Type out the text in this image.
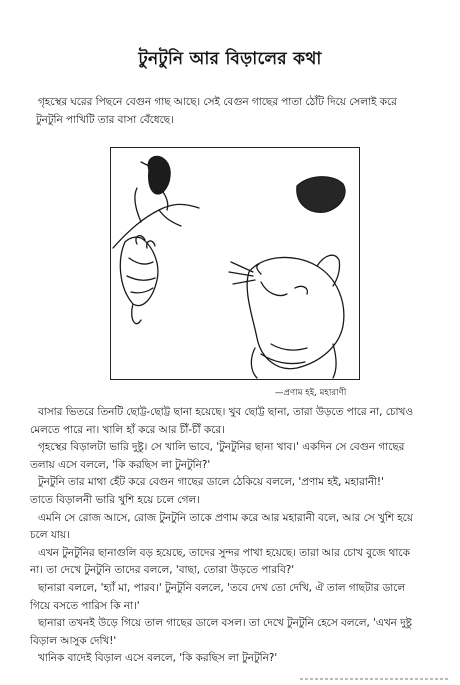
টুনটুনি আর বিড়ালের কথা
গৃহস্থের ঘরের পিছনে বেগুন গাছ আছে। সেই বেগুন গাছের পাতা ঠোঁট দিয়ে সেলাই করে
টুনটুনি পাখিটি তার বাসা বেঁধেছে।
—প্রণাম হই, মহারাণী
বাসার ভিতরে তিনটি ছোট্ট-ছোট্ট ছানা হয়েছে। খুব ছোট্ট ছানা, তারা উড়তে পারে না, চোখও
মেলতে পারে না। খালি হাঁ করে আর চীঁ-চীঁ করে।
গৃহস্থের বিড়ালটা ভারি দুষ্টু। সে খালি ভাবে, 'টুনটুনির ছানা খাব।' একদিন সে বেগুন গাছের
তলায় এসে বললে, 'কি করছিস লা টুনটুনি?'
টুনটুনি তার মাথা হেঁট করে বেগুন গাছের ডালে ঠেকিয়ে বললে, 'প্রণাম হই, মহারানী!'
তাতে বিড়ালনী ভারি খুশি হয়ে চলে গেল।
এমনি সে রোজ আসে, রোজ টুনটুনি তাকে প্রণাম করে আর মহারানী বলে, আর সে খুশি হয়ে
চলে যায়।
এখন টুনটুনির ছানাগুলি বড় হয়েছে, তাদের সুন্দর পাখা হয়েছে। তারা আর চোখ বুজে থাকে
না। তা দেখে টুনটুনি তাদের বললে, 'বাছা, তোরা উড়তে পারবি?'
ছানারা বললে, 'হ্যাঁ মা, পারব।' টুনটুনি বললে, 'তবে দেখ তো দেখি, ঐ তাল গাছটার ডালে
গিয়ে বসতে পারিস কি না।'
ছানারা তখনই উড়ে গিয়ে তাল গাছের ডালে বসল। তা দেখে টুনটুনি হেসে বললে, 'এখন দুষ্টু
বিড়াল আসুক দেখি!'
খানিক বাদেই বিড়াল এসে বললে, 'কি করছিস লা টুনটুনি?'
